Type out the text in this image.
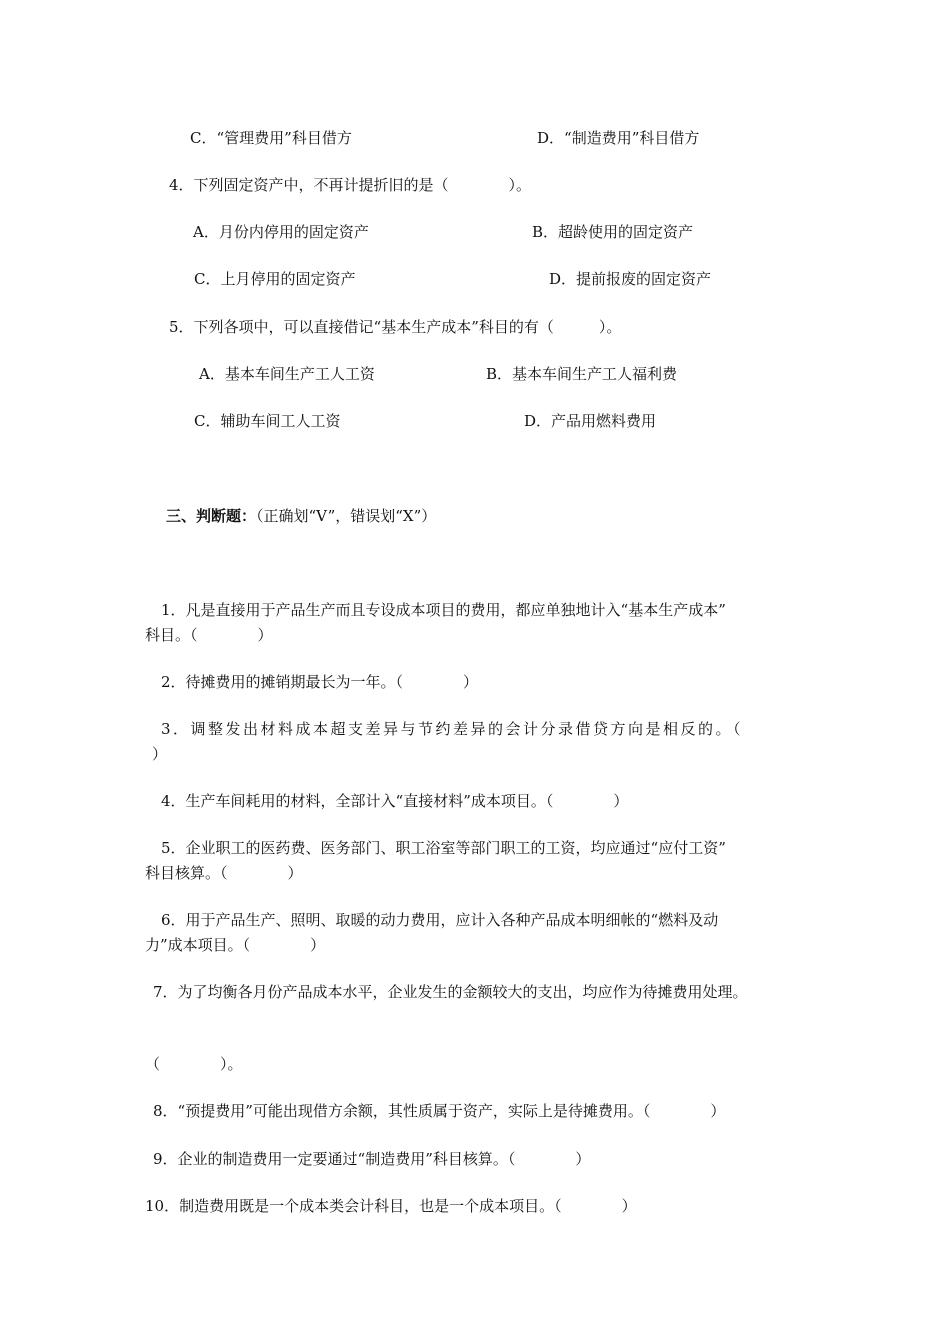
C．“管理费用”科目借方	D．“制造费用”科目借方
4．下列固定资产中，不再计提折旧的是（　　　　）。
A．月份内停用的固定资产	B．超龄使用的固定资产
C．上月停用的固定资产	D．提前报废的固定资产
5．下列各项中，可以直接借记“基本生产成本”科目的有（　　　）。
A．基本车间生产工人工资	B．基本车间生产工人福利费
C．辅助车间工人工资	D．产品用燃料费用
三、判断题：（正确划“V”，错误划“X”）
1．凡是直接用于产品生产而且专设成本项目的费用，都应单独地计入“基本生产成本”
科目。（　　　　）
2．待摊费用的摊销期最长为一年。（　　　　）
3．调整发出材料成本超支差异与节约差异的会计分录借贷方向是相反的。（
）
4．生产车间耗用的材料，全部计入“直接材料”成本项目。（　　　　）
5．企业职工的医药费、医务部门、职工浴室等部门职工的工资，均应通过“应付工资”
科目核算。（　　　　）
6．用于产品生产、照明、取暖的动力费用，应计入各种产品成本明细帐的“燃料及动
力”成本项目。（　　　　）
7．为了均衡各月份产品成本水平，企业发生的金额较大的支出，均应作为待摊费用处理。
（　　　　）。
8．“预提费用”可能出现借方余额，其性质属于资产，实际上是待摊费用。（　　　　）
9．企业的制造费用一定要通过“制造费用”科目核算。（　　　　）
10．制造费用既是一个成本类会计科目，也是一个成本项目。（　　　　）
